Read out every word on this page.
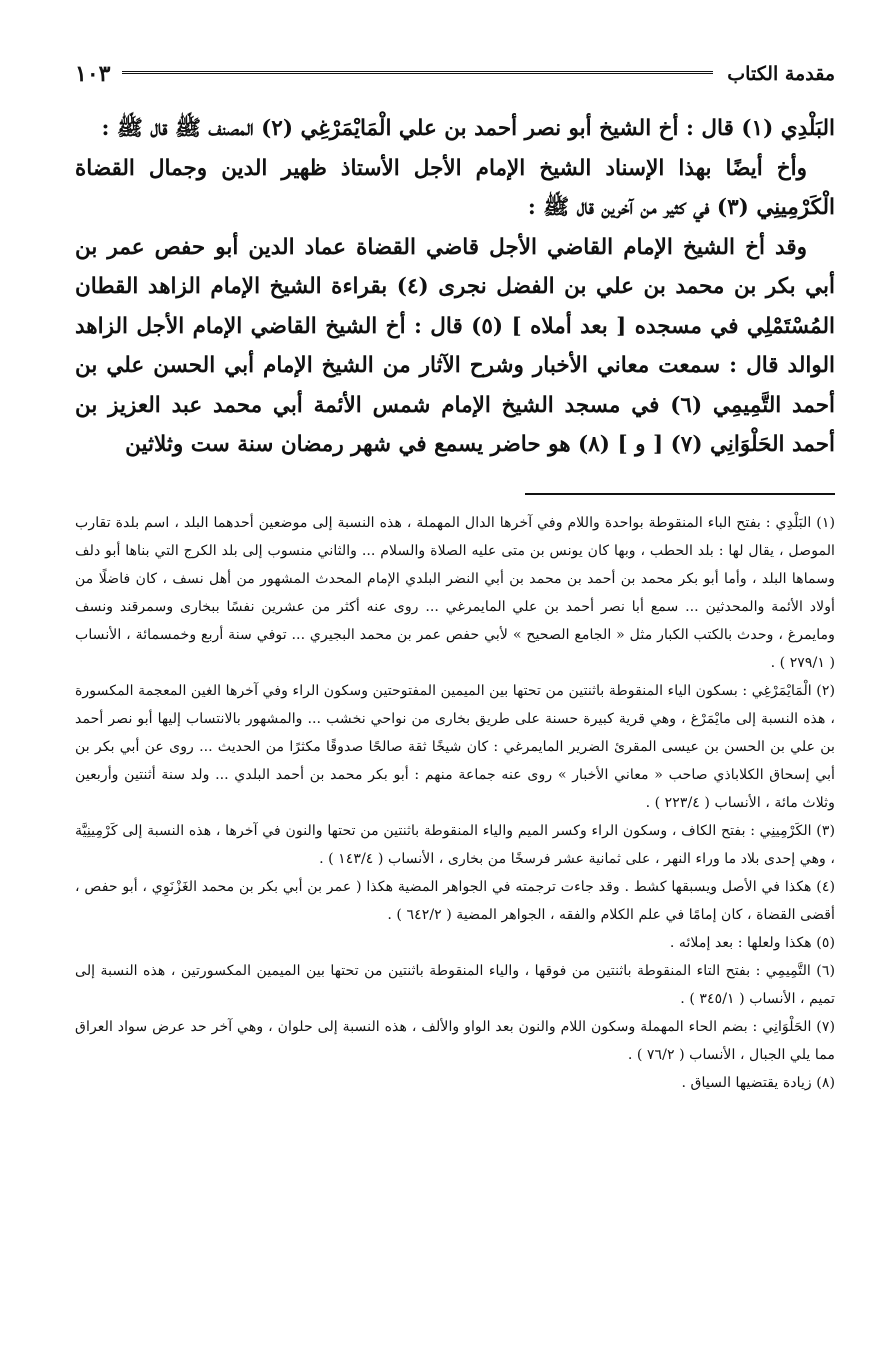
مقدمة الكتاب
١٠٣

البَلْدِي (١) قال : أخ الشيخ أبو نصر أحمد بن علي الْمَايْمَرْغِي (٢) المصنف ﷺ قال ﷺ :

وأخ أيضًا بهذا الإسناد الشيخ الإمام الأجل الأستاذ ظهير الدين وجمال القضاة الْكَرْمِينِي (٣) في كثير من آخرين قال ﷺ :

وقد أخ الشيخ الإمام القاضي الأجل قاضي القضاة عماد الدين أبو حفص عمر بن أبي بكر بن محمد بن علي بن الفضل نجرى (٤) بقراءة الشيخ الإمام الزاهد القطان المُسْتَمْلِي في مسجده [ بعد أملاه ] (٥) قال : أخ الشيخ القاضي الإمام الأجل الزاهد الوالد قال : سمعت معاني الأخبار وشرح الآثار من الشيخ الإمام أبي الحسن علي بن أحمد التَّمِيمِي (٦) في مسجد الشيخ الإمام شمس الأئمة أبي محمد عبد العزيز بن أحمد الحَلْوَانِي (٧) [ و ] (٨) هو حاضر يسمع في شهر رمضان سنة ست وثلاثين

(١) البَلْدِي : بفتح الباء المنقوطة بواحدة واللام وفي آخرها الدال المهملة ، هذه النسبة إلى موضعين أحدهما البلد ، اسم بلدة تقارب الموصل ، يقال لها : بلد الحطب ، وبها كان يونس بن متى عليه الصلاة والسلام ... والثاني منسوب إلى بلد الكرج التي بناها أبو دلف وسماها البلد ، وأما أبو بكر محمد بن أحمد بن محمد بن أبي النضر البلدي الإمام المحدث المشهور من أهل نسف ، كان فاضلًا من أولاد الأئمة والمحدثين ... سمع أبا نصر أحمد بن علي المايمرغي ... روى عنه أكثر من عشرين نفسًا ببخارى وسمرقند ونسف ومايمرغ ، وحدث بالكتب الكبار مثل « الجامع الصحيح » لأبي حفص عمر بن محمد البجيري ... توفي سنة أربع وخمسمائة ، الأنساب ( ٢٧٩/١ ) .

(٢) الْمَايْمَرْغِي : بسكون الياء المنقوطة باثنتين من تحتها بين الميمين المفتوحتين وسكون الراء وفي آخرها الغين المعجمة المكسورة ، هذه النسبة إلى مايْمَرْغ ، وهي قرية كبيرة حسنة على طريق بخارى من نواحي نخشب ... والمشهور بالانتساب إليها أبو نصر أحمد بن علي بن الحسن بن عيسى المقرئ الضرير المايمرغي : كان شيخًا ثقة صالحًا صدوقًا مكثرًا من الحديث ... روى عن أبي بكر بن أبي إسحاق الكلاباذي صاحب « معاني الأخبار » روى عنه جماعة منهم : أبو بكر محمد بن أحمد البلدي ... ولد سنة أثنتين وأربعين وثلاث مائة ، الأنساب ( ٢٢٣/٤ ) .

(٣) الكَرْمِينِي : بفتح الكاف ، وسكون الراء وكسر الميم والياء المنقوطة باثنتين من تحتها والنون في آخرها ، هذه النسبة إلى كَرْمِينِيَّة ، وهي إحدى بلاد ما وراء النهر ، على ثمانية عشر فرسخًا من بخارى ، الأنساب ( ١٤٣/٤ ) .

(٤) هكذا في الأصل ويسبقها كشط . وقد جاءت ترجمته في الجواهر المضية هكذا ( عمر بن أبي بكر بن محمد الغَزْنَوِي ، أبو حفص ، أقضى القضاة ، كان إمامًا في علم الكلام والفقه ، الجواهر المضية ( ٦٤٢/٢ ) .

(٥) هكذا ولعلها : بعد إملائه .

(٦) التَّمِيمِي : بفتح التاء المنقوطة باثنتين من فوقها ، والياء المنقوطة باثنتين من تحتها بين الميمين المكسورتين ، هذه النسبة إلى تميم ، الأنساب ( ٣٤٥/١ ) .

(٧) الحَلْوَانِي : بضم الحاء المهملة وسكون اللام والنون بعد الواو والألف ، هذه النسبة إلى حلوان ، وهي آخر حد عرض سواد العراق مما يلي الجبال ، الأنساب ( ٧٦/٢ ) .

(٨) زيادة يقتضيها السياق .
